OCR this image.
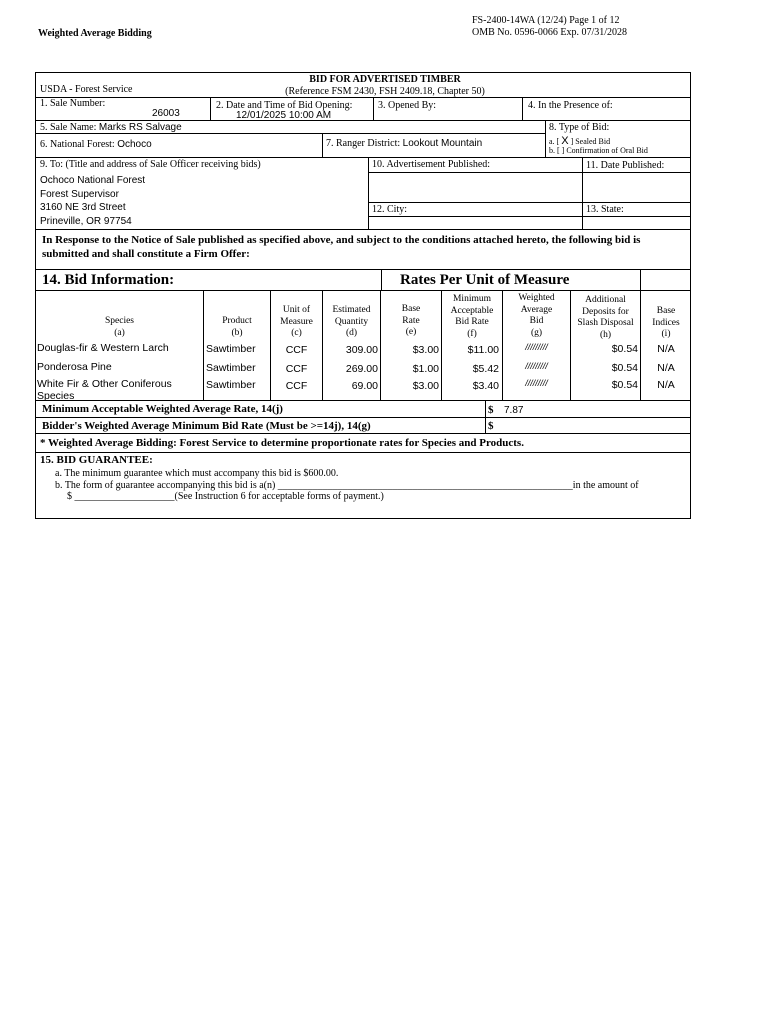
Weighted Average Bidding
FS-2400-14WA (12/24) Page 1 of 12
OMB No. 0596-0066 Exp. 07/31/2028
BID FOR ADVERTISED TIMBER
(Reference FSM 2430, FSH 2409.18, Chapter 50)
USDA - Forest Service
1. Sale Number:
26003
2. Date and Time of Bid Opening:
12/01/2025 10:00 AM
3. Opened By:	4. In the Presence of:
5. Sale Name: Marks RS Salvage	8. Type of Bid:
a. [ X ] Sealed Bid
b. [ ] Confirmation of Oral Bid
6. National Forest: Ochoco	7. Ranger District: Lookout Mountain
9. To: (Title and address of Sale Officer receiving bids)
Ochoco National Forest
Forest Supervisor
3160 NE 3rd Street
Prineville, OR 97754
10. Advertisement Published:	11. Date Published:
12. City:	13. State:
In Response to the Notice of Sale published as specified above, and subject to the conditions attached hereto, the following bid is submitted and shall constitute a Firm Offer:
14. Bid Information:	Rates Per Unit of Measure
Species
(a)
Product
(b)
Unit of Measure
(c)
Estimated Quantity
(d)
Base Rate
(e)
Minimum Acceptable Bid Rate
(f)
Weighted Average Bid
(g)
Additional Deposits for Slash Disposal
(h)
Base Indices
(i)
Douglas-fir & Western Larch	Sawtimber	CCF	309.00	$3.00	$11.00	/////////	$0.54	N/A
Ponderosa Pine	Sawtimber	CCF	269.00	$1.00	$5.42	/////////	$0.54	N/A
White Fir & Other Coniferous Species
Sawtimber	CCF	69.00	$3.00	$3.40	/////////	$0.54	N/A
Minimum Acceptable Weighted Average Rate, 14(j)	$ 7.87
Bidder's Weighted Average Minimum Bid Rate (Must be >=14j), 14(g)	$
* Weighted Average Bidding: Forest Service to determine proportionate rates for Species and Products.
15. BID GUARANTEE:
a. The minimum guarantee which must accompany this bid is $600.00.
b. The form of guarantee accompanying this bid is a(n) ___________________________________________________________in the amount of
$ ____________________(See Instruction 6 for acceptable forms of payment.)
